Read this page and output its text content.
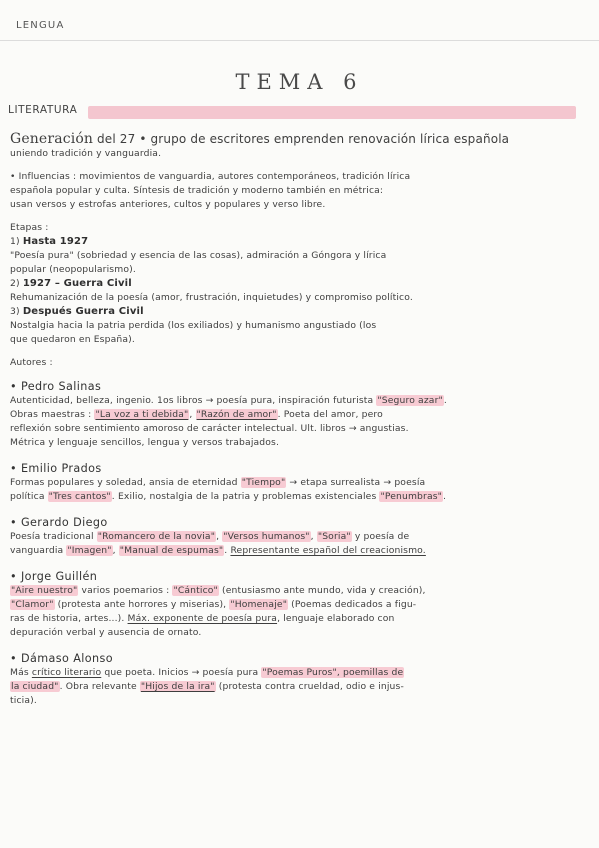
LENGUA
TEMA 6
LITERATURA
Generación del 27 • grupo de escritores emprenden renovación lírica española
uniendo tradición y vanguardia.
• Influencias : movimientos de vanguardia, autores contemporáneos, tradición lírica
española popular y culta. Síntesis de tradición y moderno también en métrica:
usan versos y estrofas anteriores, cultos y populares y verso libre.
Etapas :
1) Hasta 1927
"Poesía pura" (sobriedad y esencia de las cosas), admiración a Góngora y lírica
popular (neopopularismo).
2) 1927 – Guerra Civil
Rehumanización de la poesía (amor, frustración, inquietudes) y compromiso político.
3) Después Guerra Civil
Nostalgia hacia la patria perdida (los exiliados) y humanismo angustiado (los
que quedaron en España).
Autores :
• Pedro Salinas
Autenticidad, belleza, ingenio. 1os libros → poesía pura, inspiración futurista "Seguro azar".
Obras maestras : "La voz a ti debida", "Razón de amor". Poeta del amor, pero
reflexión sobre sentimiento amoroso de carácter intelectual. Ult. libros → angustias.
Métrica y lenguaje sencillos, lengua y versos trabajados.
• Emilio Prados
Formas populares y soledad, ansia de eternidad "Tiempo" → etapa surrealista → poesía
política "Tres cantos". Exilio, nostalgia de la patria y problemas existenciales "Penumbras".
• Gerardo Diego
Poesía tradicional "Romancero de la novia", "Versos humanos", "Soria" y poesía de
vanguardia "Imagen", "Manual de espumas". Representante español del creacionismo.
• Jorge Guillén
"Aire nuestro" varios poemarios : "Cántico" (entusiasmo ante mundo, vida y creación),
"Clamor" (protesta ante horrores y miserias), "Homenaje" (Poemas dedicados a figu-
ras de historia, artes...). Máx. exponente de poesía pura, lenguaje elaborado con
depuración verbal y ausencia de ornato.
• Dámaso Alonso
Más crítico literario que poeta. Inicios → poesía pura "Poemas Puros", poemillas de
la ciudad". Obra relevante "Hijos de la ira" (protesta contra crueldad, odio e injus-
ticia).
